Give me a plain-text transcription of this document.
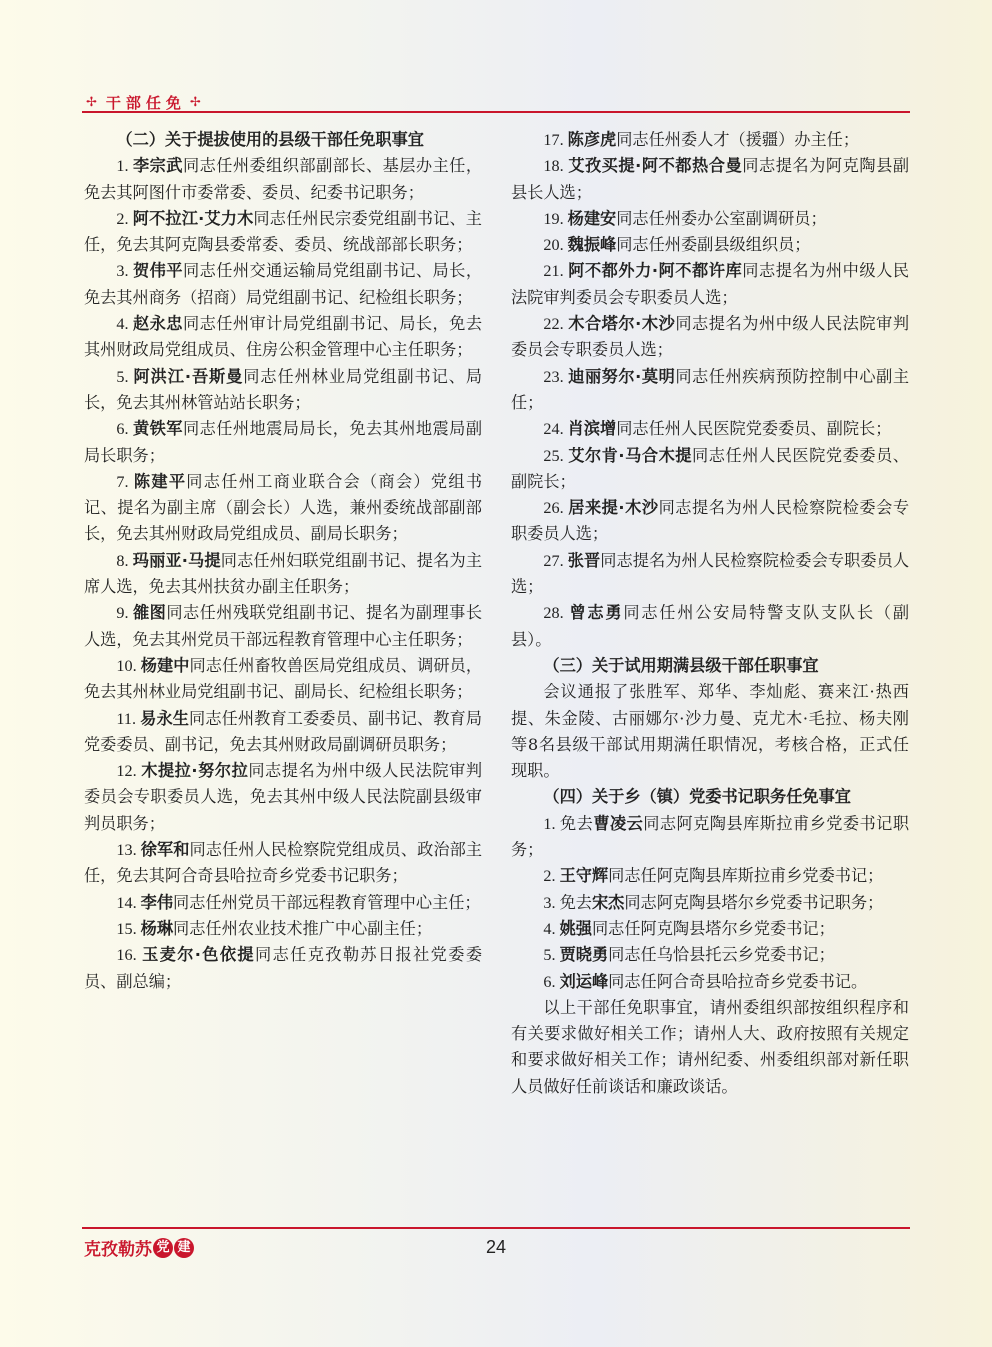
✢ 干部任免 ✢

（二）关于提拔使用的县级干部任免职事宜

1. 李宗武同志任州委组织部副部长、基层办主任，免去其阿图什市委常委、委员、纪委书记职务；

2. 阿不拉江·艾力木同志任州民宗委党组副书记、主任，免去其阿克陶县委常委、委员、统战部部长职务；

3. 贺伟平同志任州交通运输局党组副书记、局长，免去其州商务（招商）局党组副书记、纪检组长职务；

4. 赵永忠同志任州审计局党组副书记、局长，免去其州财政局党组成员、住房公积金管理中心主任职务；

5. 阿洪江·吾斯曼同志任州林业局党组副书记、局长，免去其州林管站站长职务；

6. 黄铁军同志任州地震局局长，免去其州地震局副局长职务；

7. 陈建平同志任州工商业联合会（商会）党组书记、提名为副主席（副会长）人选，兼州委统战部副部长，免去其州财政局党组成员、副局长职务；

8. 玛丽亚·马提同志任州妇联党组副书记、提名为主席人选，免去其州扶贫办副主任职务；

9. 雒图同志任州残联党组副书记、提名为副理事长人选，免去其州党员干部远程教育管理中心主任职务；

10. 杨建中同志任州畜牧兽医局党组成员、调研员，免去其州林业局党组副书记、副局长、纪检组长职务；

11. 易永生同志任州教育工委委员、副书记、教育局党委委员、副书记，免去其州财政局副调研员职务；

12. 木提拉·努尔拉同志提名为州中级人民法院审判委员会专职委员人选，免去其州中级人民法院副县级审判员职务；

13. 徐军和同志任州人民检察院党组成员、政治部主任，免去其阿合奇县哈拉奇乡党委书记职务；

14. 李伟同志任州党员干部远程教育管理中心主任；

15. 杨琳同志任州农业技术推广中心副主任；

16. 玉麦尔·色依提同志任克孜勒苏日报社党委委员、副总编；

17. 陈彦虎同志任州委人才（援疆）办主任；

18. 艾孜买提·阿不都热合曼同志提名为阿克陶县副县长人选；

19. 杨建安同志任州委办公室副调研员；

20. 魏振峰同志任州委副县级组织员；

21. 阿不都外力·阿不都许库同志提名为州中级人民法院审判委员会专职委员人选；

22. 木合塔尔·木沙同志提名为州中级人民法院审判委员会专职委员人选；

23. 迪丽努尔·莫明同志任州疾病预防控制中心副主任；

24. 肖滨增同志任州人民医院党委委员、副院长；

25. 艾尔肯·马合木提同志任州人民医院党委委员、副院长；

26. 居来提·木沙同志提名为州人民检察院检委会专职委员人选；

27. 张晋同志提名为州人民检察院检委会专职委员人选；

28. 曾志勇同志任州公安局特警支队支队长（副县）。

（三）关于试用期满县级干部任职事宜

会议通报了张胜军、郑华、李灿彪、赛来江·热西提、朱金陵、古丽娜尔·沙力曼、克尤木·毛拉、杨夫刚等8名县级干部试用期满任职情况，考核合格，正式任现职。

（四）关于乡（镇）党委书记职务任免事宜

1. 免去曹凌云同志阿克陶县库斯拉甫乡党委书记职务；

2. 王守辉同志任阿克陶县库斯拉甫乡党委书记；

3. 免去宋杰同志阿克陶县塔尔乡党委书记职务；

4. 姚强同志任阿克陶县塔尔乡党委书记；

5. 贾晓勇同志任乌恰县托云乡党委书记；

6. 刘运峰同志任阿合奇县哈拉奇乡党委书记。

以上干部任免职事宜，请州委组织部按组织程序和有关要求做好相关工作；请州人大、政府按照有关规定和要求做好相关工作；请州纪委、州委组织部对新任职人员做好任前谈话和廉政谈话。

克孜勒苏 党 建	24
